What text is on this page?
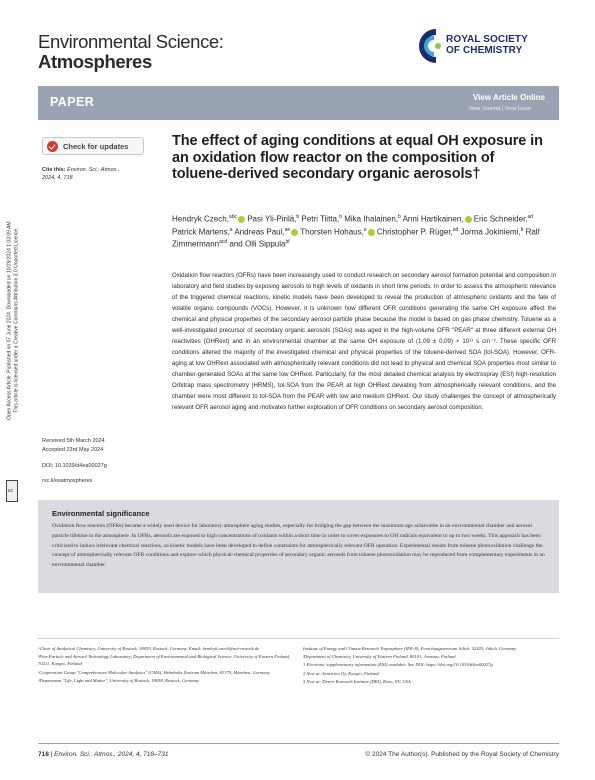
Environmental Science:
Atmospheres
ROYAL SOCIETY
OF CHEMISTRY
PAPER	View Article Online
View Journal | View Issue
Check for updates
Cite this: Environ. Sci.: Atmos., 2024, 4, 718
The effect of aging conditions at equal OH exposure in an oxidation flow reactor on the composition of toluene-derived secondary organic aerosols†
Hendryk Czech,$^{abc}$ Pasi Yli-Pirilä,$^b$ Petri Tiitta,$^b$ Mika Ihalainen,$^b$ Anni Hartikainen, Eric Schneider,$^{ad}$ Patrick Martens,$^a$ Andreas Paul,$^{ae}$ Thorsten Hohaus,$^e$ Christopher P. Rüger,$^{ad}$ Jorma Jokiniemi,$^b$ Ralf Zimmermann$^{acd}$ and Olli Sippula$^{bf}$
Oxidation flow reactors (OFRs) have been increasingly used to conduct research on secondary aerosol formation potential and composition in laboratory and field studies by exposing aerosols to high levels of oxidants in short time periods. In order to assess the atmospheric relevance of the triggered chemical reactions, kinetic models have been developed to reveal the production of atmospheric oxidants and the fate of volatile organic compounds (VOCs). However, it is unknown how different OFR conditions generating the same OH exposure affect the chemical and physical properties of the secondary aerosol particle phase because the model is based on gas phase chemistry. Toluene as a well-investigated precursor of secondary organic aerosols (SOAs) was aged in the high-volume OFR "PEAR" at three different external OH reactivities (OHRext) and in an environmental chamber at the same OH exposure of (1.09 ± 0.09) × 10¹¹ s cm⁻³. These specific OFR conditions altered the majority of the investigated chemical and physical properties of the toluene-derived SOA (tol-SOA). However, OFR- aging at low OHRext associated with atmospherically relevant conditions did not lead to physical and chemical SOA properties most similar to chamber-generated SOAs at the same low OHRext. Particularly, for the most detailed chemical analysis by electrospray (ESI) high-resolution Orbitrap mass spectrometry (HRMS), tol-SOA from the PEAR at high OHRext deviating from atmospherically relevant conditions, and the chamber were most different to tol-SOA from the PEAR with low and medium OHRext. Our study challenges the concept of atmospherically relevant OFR aerosol aging and motivates further exploration of OFR conditions on secondary aerosol composition.

Received 5th March 2024

Accepted 23rd May 2024

DOI: 10.1039/d4ea00027g
rsc.li/esatmospheres
Open Access Article. Published on 07 June 2024. Downloaded on 10/29/2024 1:03:09 AM. This article is licensed under a Creative Commons Attribution 3.0 Unported Licence.
cc
Environmental significance
Oxidation flow reactors (OFRs) became a widely used device for laboratory atmosphere aging studies, especially for bridging the gap between the maximum age achievable in an environmental chamber and aerosol particle lifetime in the atmosphere. In OFRs, aerosols are exposed to high concentrations of oxidants within a short time in order to cover exposures to OH radicals equivalent to up to two weeks. This approach has been criticized to induce irrelevant chemical reactions, so kinetic models have been developed to define constraints for atmospherically relevant OFR operation. Experimental results from toluene photooxidation challenge the concept of atmospherically relevant OFR conditions and explore which physical-chemical properties of secondary organic aerosols from toluene photooxidation may be reproduced from complementary experiments in an environmental chamber.

ᵃChair of Analytical Chemistry, University of Rostock, 18059, Rostock, Germany. Email: hendryk.czech@uni-rostock.de

ᵇFine Particle and Aerosol Technology Laboratory, Department of Environmental and Biological Science, University of Eastern Finland, 70211, Kuopio, Finland

ᶜCooperation Group "Comprehensive Molecular Analytics" (CMA), Helmholtz Zentrum München, 81379, München, Germany

ᵈDepartment "Life, Light and Matter", University of Rostock, 18059, Rostock, Germany

Institute of Energy and Climate Research Troposphere (IEK-8), Forschungszentrum Jülich, 52425, Jülich, Germany

ᶠDepartment of Chemistry, University of Eastern Finland, 80101, Joensuu, Finland

† Electronic supplementary information (ESI) available. See DOI: https://doi.org/10.1039/d4ea00027g

‡ Now at: Sensirion Oy, Kuopio, Finland.

§ Now at: Desert Research Institute (DRI), Reno, NV, USA.

718 | Environ. Sci.: Atmos., 2024, 4, 718–731	© 2024 The Author(s). Published by the Royal Society of Chemistry
